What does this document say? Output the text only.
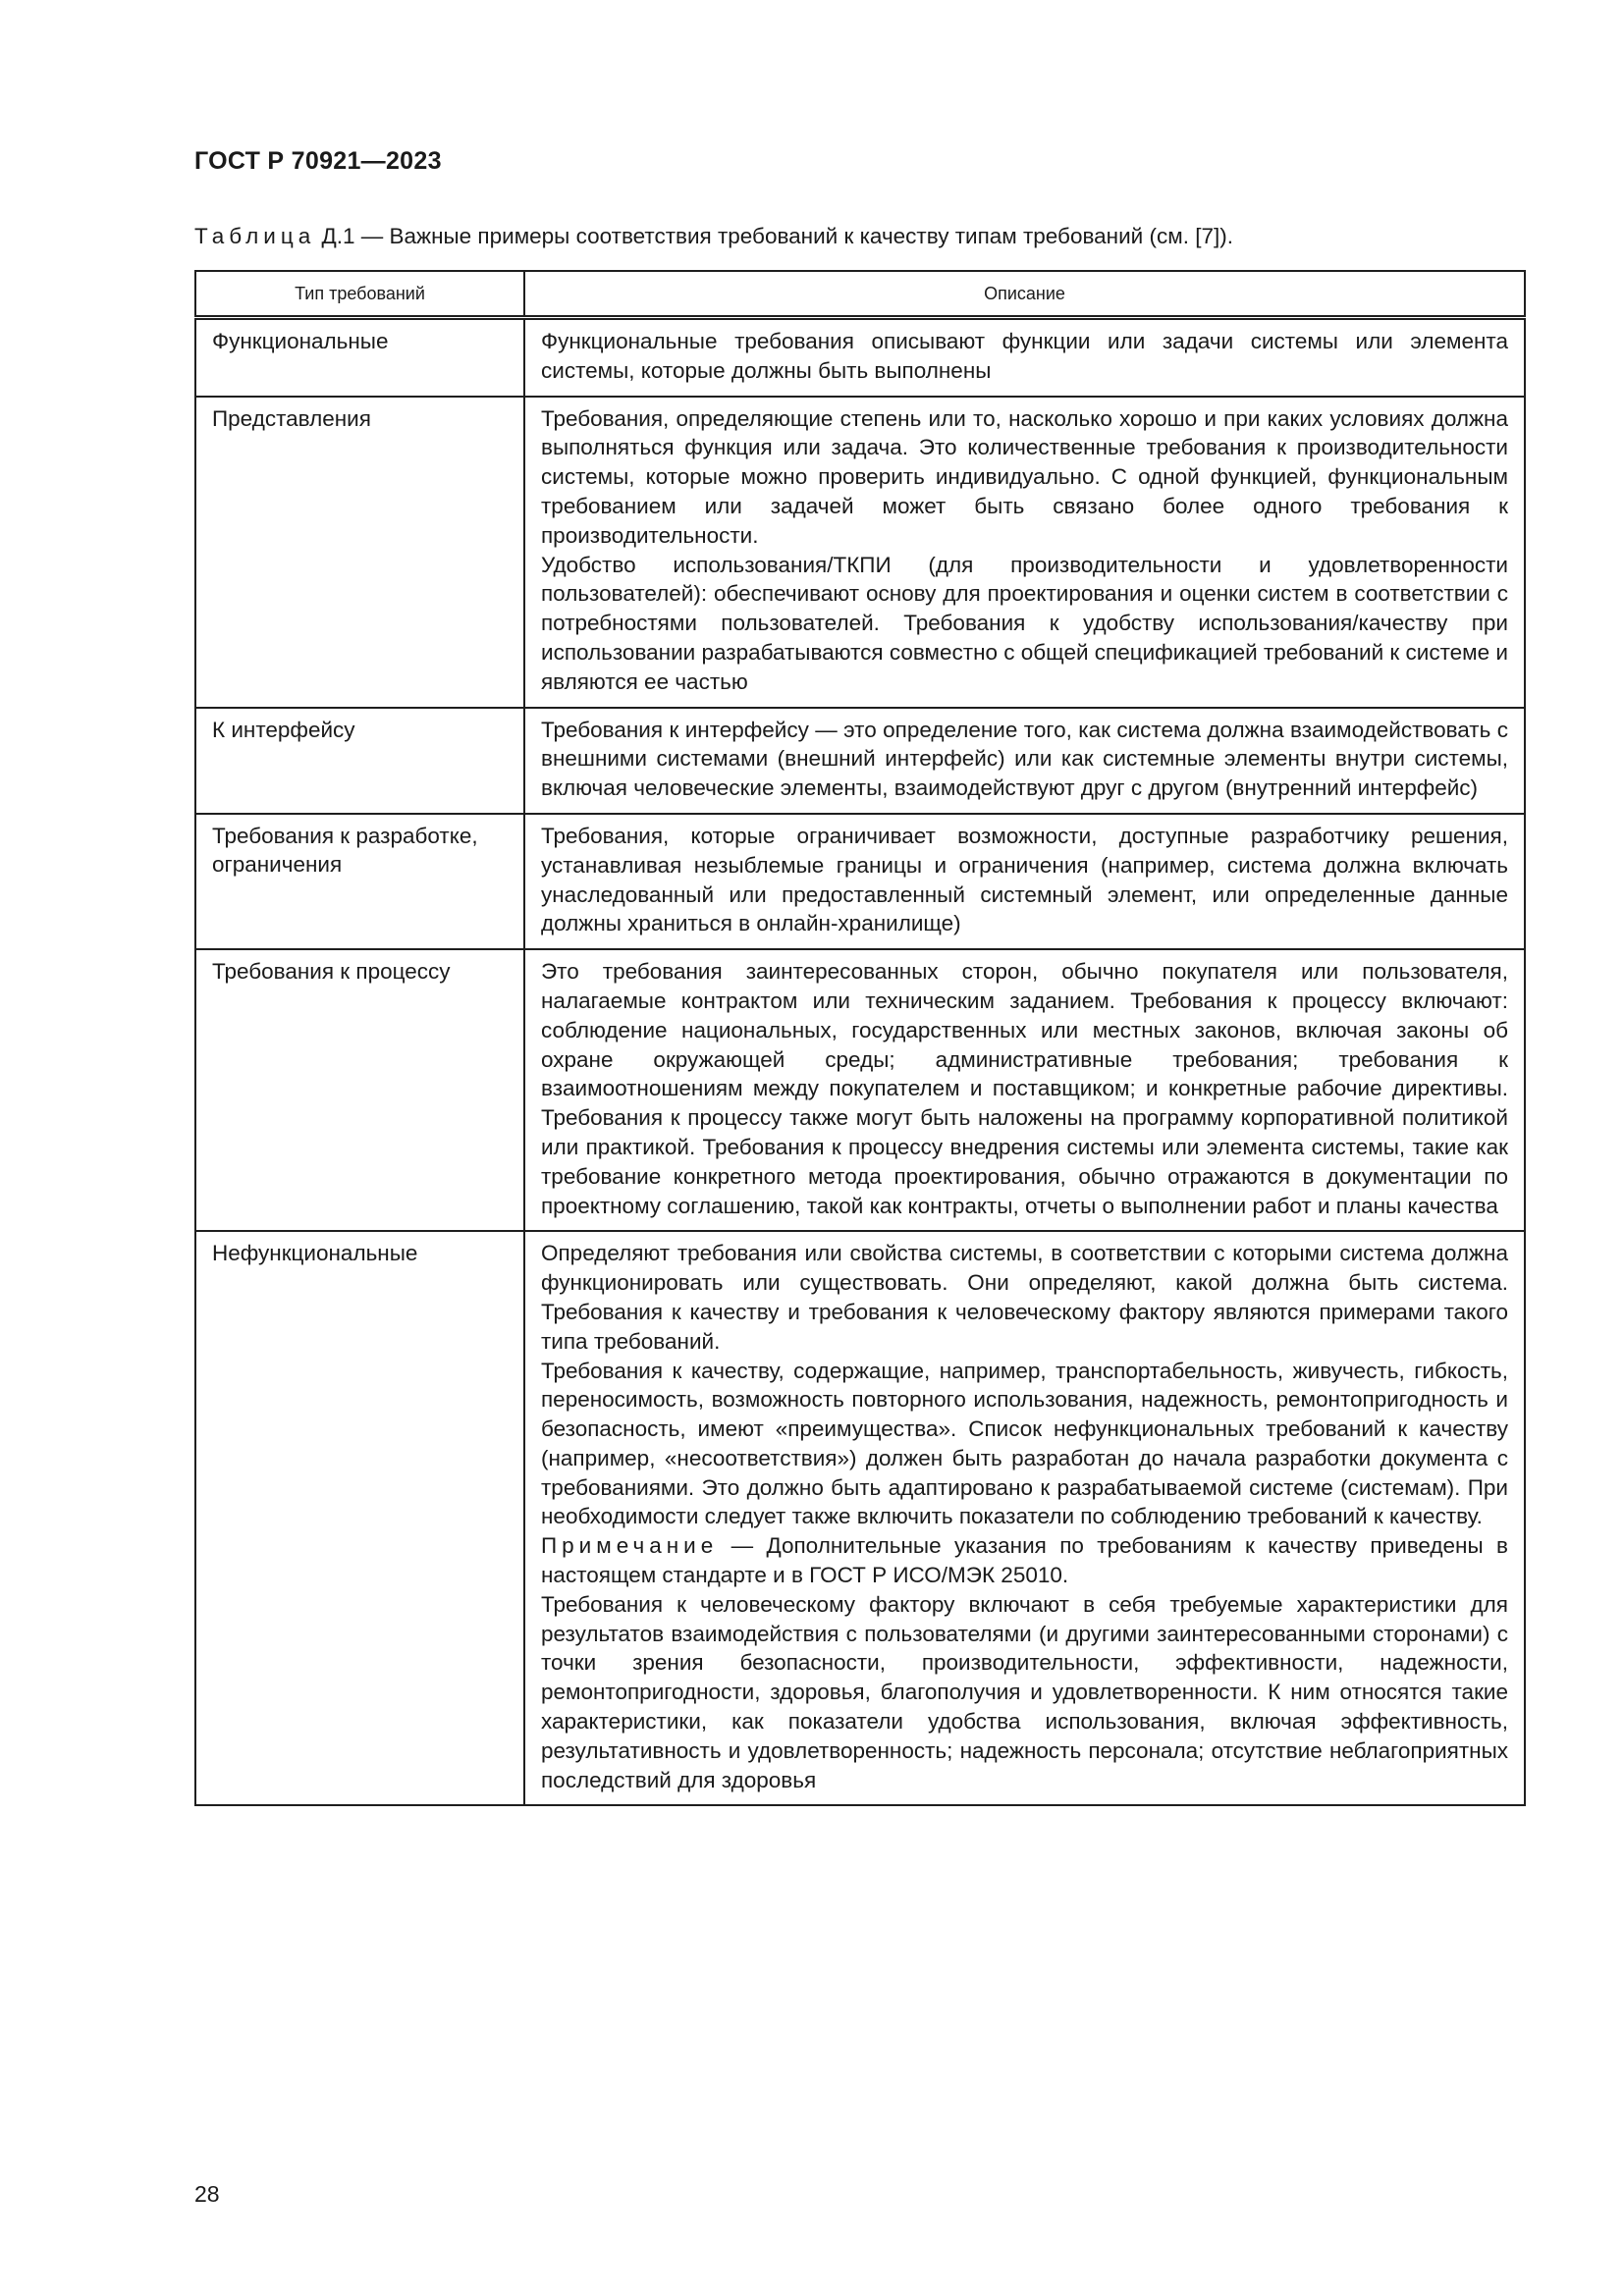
ГОСТ Р 70921—2023
Таблица Д.1 — Важные примеры соответствия требований к качеству типам требований (см. [7]).
Тип требований	Описание
Функциональные	Функциональные требования описывают функции или задачи системы или элемента системы, которые должны быть выполнены

Представления	Требования, определяющие степень или то, насколько хорошо и при каких условиях должна выполняться функция или задача. Это количественные требования к производительности системы, которые можно проверить индивидуально. С одной функцией, функциональным требованием или задачей может быть связано более одного требования к производительности.

Удобство использования/ТКПИ (для производительности и удовлетворенности пользователей): обеспечивают основу для проектирования и оценки систем в соответствии с потребностями пользователей. Требования к удобству использования/качеству при использовании разрабатываются совместно с общей спецификацией требований к системе и являются ее частью

К интерфейсу	Требования к интерфейсу — это определение того, как система должна взаимодействовать с внешними системами (внешний интерфейс) или как системные элементы внутри системы, включая человеческие элементы, взаимодействуют друг с другом (внутренний интерфейс)

Требования к разработке, ограничения	Требования, которые ограничивает возможности, доступные разработчику решения, устанавливая незыблемые границы и ограничения (например, система должна включать унаследованный или предоставленный системный элемент, или определенные данные должны храниться в онлайн-хранилище)

Требования к процессу	Это требования заинтересованных сторон, обычно покупателя или пользователя, налагаемые контрактом или техническим заданием. Требования к процессу включают: соблюдение национальных, государственных или местных законов, включая законы об охране окружающей среды; административные требования; требования к взаимоотношениям между покупателем и поставщиком; и конкретные рабочие директивы. Требования к процессу также могут быть наложены на программу корпоративной политикой или практикой. Требования к процессу внедрения системы или элемента системы, такие как требование конкретного метода проектирования, обычно отражаются в документации по проектному соглашению, такой как контракты, отчеты о выполнении работ и планы качества

Нефункциональные	Определяют требования или свойства системы, в соответствии с которыми система должна функционировать или существовать. Они определяют, какой должна быть система. Требования к качеству и требования к человеческому фактору являются примерами такого типа требований.

Требования к качеству, содержащие, например, транспортабельность, живучесть, гибкость, переносимость, возможность повторного использования, надежность, ремонтопригодность и безопасность, имеют «преимущества». Список нефункциональных требований к качеству (например, «несоответствия») должен быть разработан до начала разработки документа с требованиями. Это должно быть адаптировано к разрабатываемой системе (системам). При необходимости следует также включить показатели по соблюдению требований к качеству.

Примечание — Дополнительные указания по требованиям к качеству приведены в настоящем стандарте и в ГОСТ Р ИСО/МЭК 25010.

Требования к человеческому фактору включают в себя требуемые характеристики для результатов взаимодействия с пользователями (и другими заинтересованными сторонами) с точки зрения безопасности, производительности, эффективности, надежности, ремонтопригодности, здоровья, благополучия и удовлетворенности. К ним относятся такие характеристики, как показатели удобства использования, включая эффективность, результативность и удовлетворенность; надежность персонала; отсутствие неблагоприятных последствий для здоровья

28
